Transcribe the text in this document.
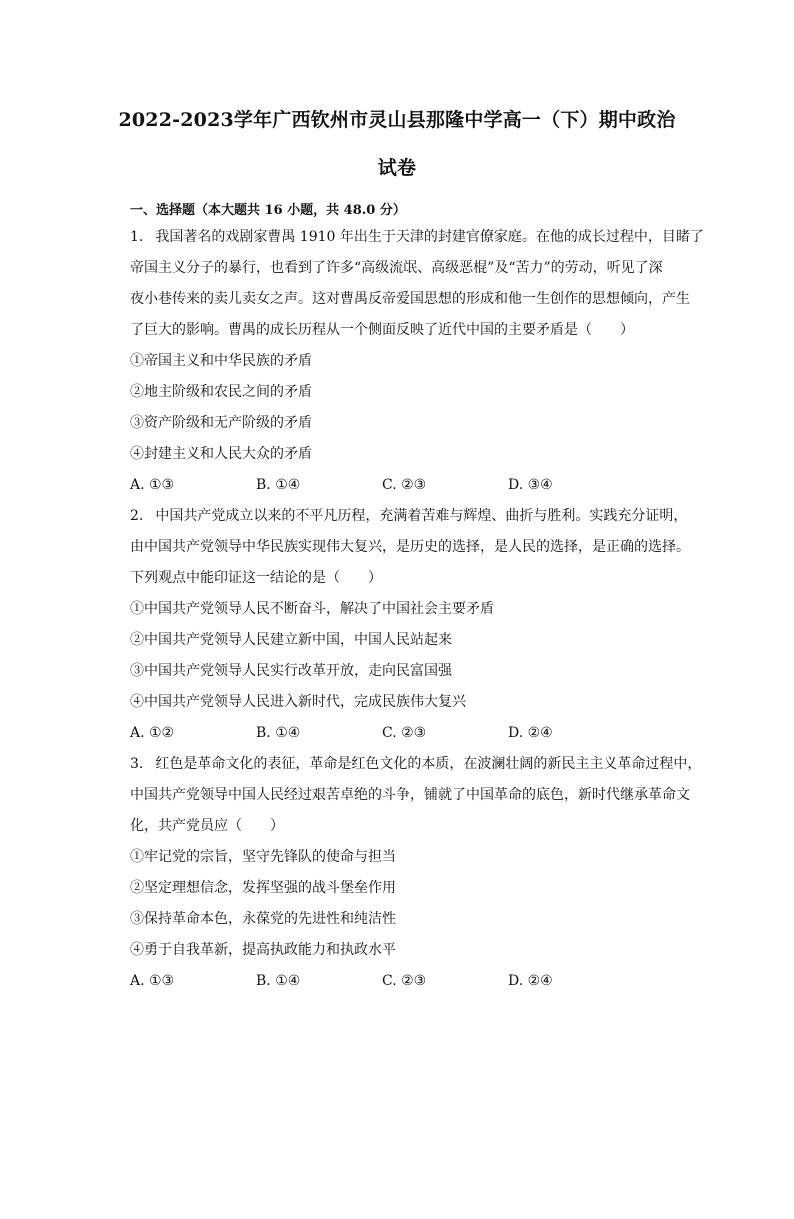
2022-2023学年广西钦州市灵山县那隆中学高一（下）期中政治
试卷
一、选择题（本大题共 16 小题，共 48.0 分）
1. 我国著名的戏剧家曹禺 1910 年出生于天津的封建官僚家庭。在他的成长过程中，目睹了
帝国主义分子的暴行，也看到了许多“高级流氓、高级恶棍”及“苦力”的劳动，听见了深
夜小巷传来的卖儿卖女之声。这对曹禺反帝爱国思想的形成和他一生创作的思想倾向，产生
了巨大的影响。曹禺的成长历程从一个侧面反映了近代中国的主要矛盾是（　　）
①帝国主义和中华民族的矛盾
②地主阶级和农民之间的矛盾
③资产阶级和无产阶级的矛盾
④封建主义和人民大众的矛盾
A. ①③	B. ①④	C. ②③	D. ③④
2. 中国共产党成立以来的不平凡历程，充满着苦难与辉煌、曲折与胜利。实践充分证明，
由中国共产党领导中华民族实现伟大复兴，是历史的选择，是人民的选择，是正确的选择。
下列观点中能印证这一结论的是（　　）
①中国共产党领导人民不断奋斗，解决了中国社会主要矛盾
②中国共产党领导人民建立新中国，中国人民站起来
③中国共产党领导人民实行改革开放，走向民富国强
④中国共产党领导人民进入新时代，完成民族伟大复兴
A. ①②	B. ①④	C. ②③	D. ②④
3. 红色是革命文化的表征，革命是红色文化的本质，在波澜壮阔的新民主主义革命过程中，
中国共产党领导中国人民经过艰苦卓绝的斗争，铺就了中国革命的底色，新时代继承革命文
化，共产党员应（　　）
①牢记党的宗旨，坚守先锋队的使命与担当
②坚定理想信念，发挥坚强的战斗堡垒作用
③保持革命本色，永葆党的先进性和纯洁性
④勇于自我革新，提高执政能力和执政水平
A. ①③	B. ①④	C. ②③	D. ②④
